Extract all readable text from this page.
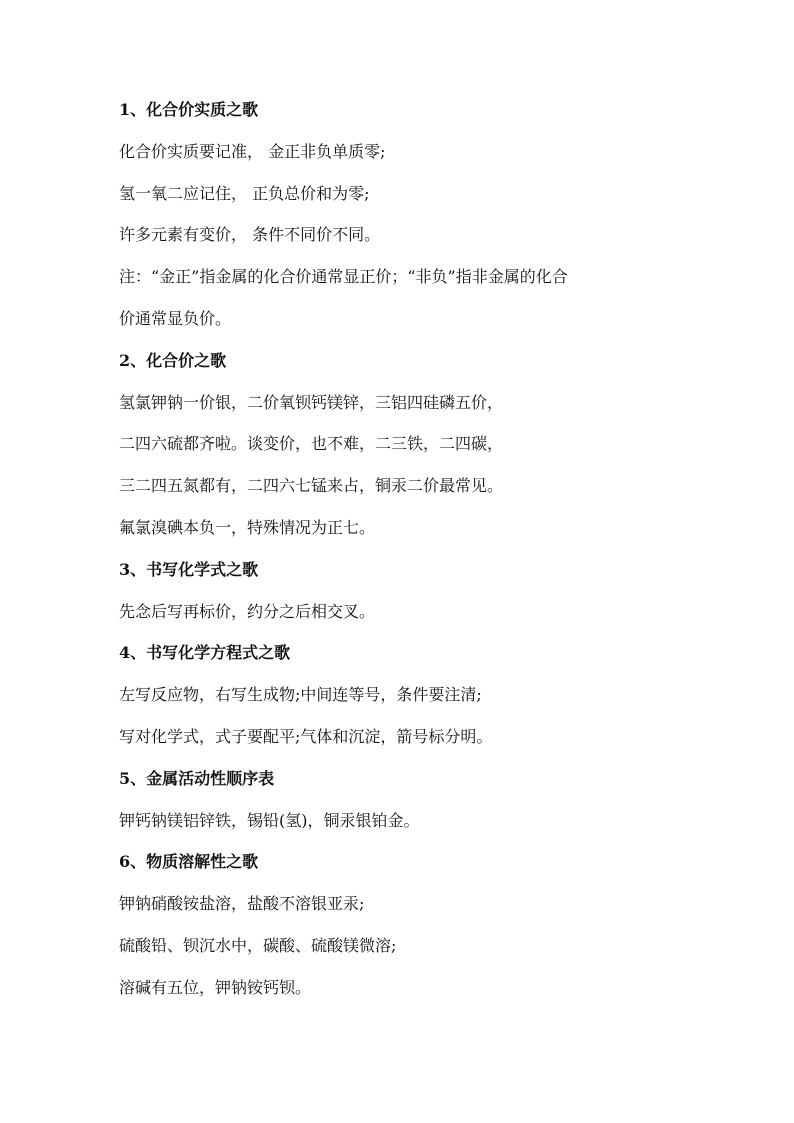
1、化合价实质之歌
化合价实质要记准， 金正非负单质零;
氢一氧二应记住， 正负总价和为零;
许多元素有变价， 条件不同价不同。
注：“金正”指金属的化合价通常显正价；“非负”指非金属的化合
价通常显负价。
2、化合价之歌
氢氯钾钠一价银，二价氧钡钙镁锌，三铝四硅磷五价，
二四六硫都齐啦。谈变价，也不难，二三铁，二四碳，
三二四五氮都有，二四六七锰来占，铜汞二价最常见。
氟氯溴碘本负一，特殊情况为正七。
3、书写化学式之歌
先念后写再标价，约分之后相交叉。
4、书写化学方程式之歌
左写反应物，右写生成物;中间连等号，条件要注清;
写对化学式，式子要配平;气体和沉淀，箭号标分明。
5、金属活动性顺序表
钾钙钠镁铝锌铁，锡铅(氢)，铜汞银铂金。
6、物质溶解性之歌
钾钠硝酸铵盐溶，盐酸不溶银亚汞;
硫酸铅、钡沉水中，碳酸、硫酸镁微溶;
溶碱有五位，钾钠铵钙钡。
